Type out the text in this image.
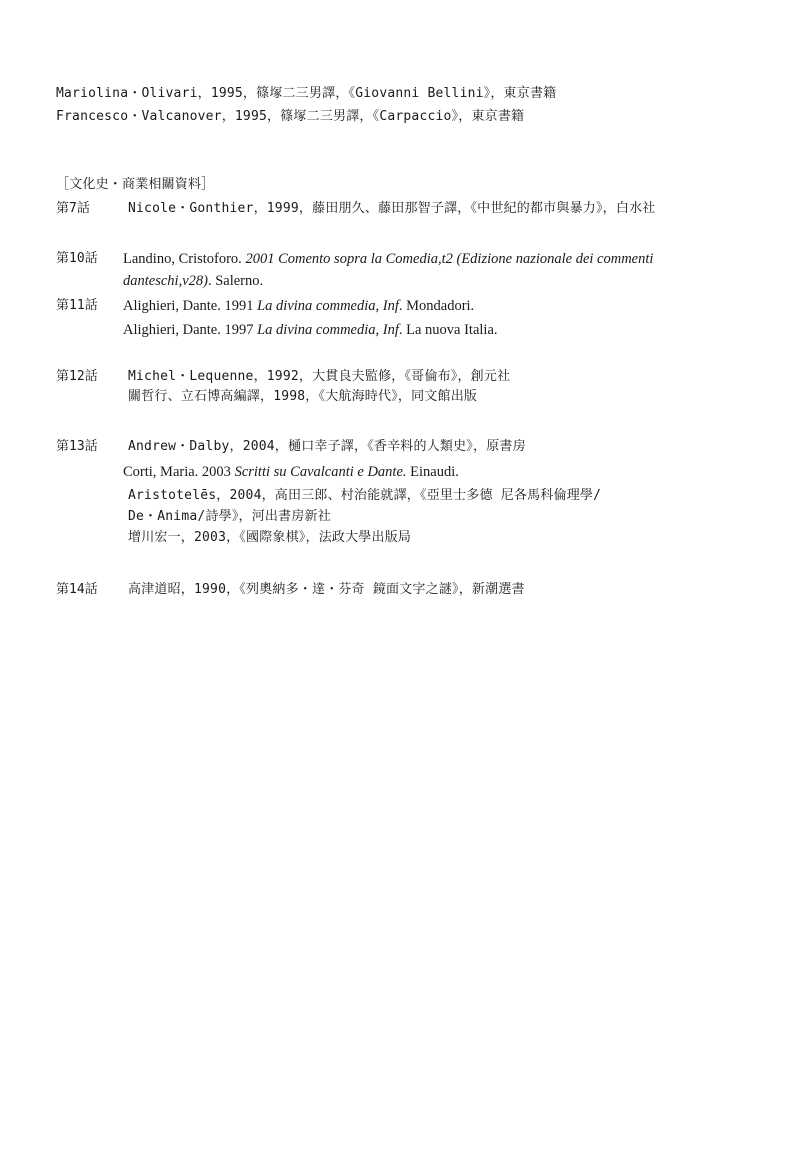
Mariolina・Olivari，1995，篠塚二三男譯，《Giovanni Bellini》，東京書籍
Francesco・Valcanover，1995，篠塚二三男譯，《Carpaccio》，東京書籍
［文化史・商業相關資料］
第7話	Nicole・Gonthier，1999，藤田朋久、藤田那智子譯，《中世紀的都市與暴力》，白水社
第10話 Landino, Cristoforo. 2001 Comento sopra la Comedia,t2 (Edizione nazionale dei commenti
danteschi,v28). Salerno.
第11話 Alighieri, Dante. 1991 La divina commedia, Inf. Mondadori.
Alighieri, Dante. 1997 La divina commedia, Inf. La nuova Italia.
第12話 Michel・Lequenne，1992，大貫良夫監修，《哥倫布》，創元社
關哲行、立石博高編譯，1998，《大航海時代》，同文館出版
第13話 Andrew・Dalby，2004，樋口幸子譯，《香辛料的人類史》，原書房
Corti, Maria. 2003 Scritti su Cavalcanti e Dante. Einaudi.
Aristotelēs，2004，高田三郎、村治能就譯，《亞里士多德 尼各馬科倫理學/
De・Anima/詩學》，河出書房新社
增川宏一，2003，《國際象棋》，法政大學出版局
第14話 高津道昭，1990，《列奧納多・達・芬奇 鏡面文字之謎》，新潮選書
